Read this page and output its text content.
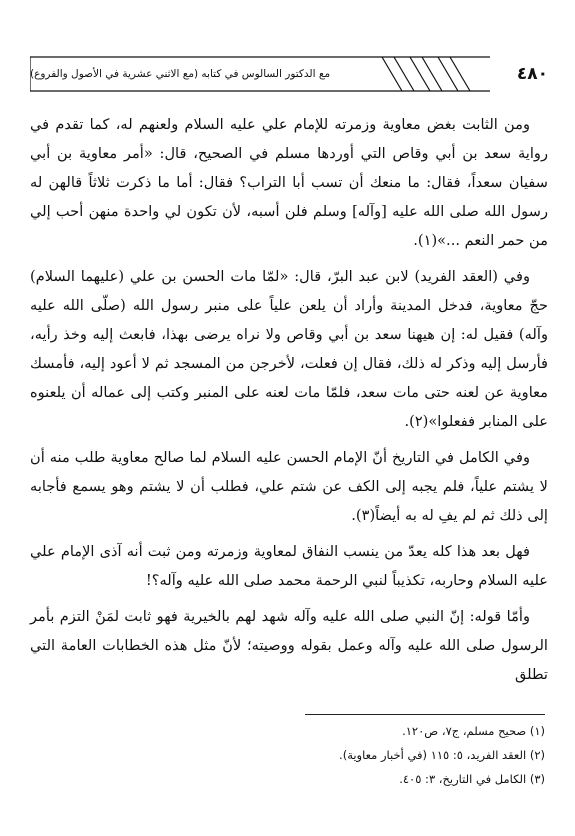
٤٨٠
مع الدكتور السالوس في كتابه (مع الاثني عشرية في الأصول والفروع)

ومن الثابت بغض معاوية وزمرته للإمام علي عليه السلام ولعنهم له، كما تقدم في رواية سعد بن أبي وقاص التي أوردها مسلم في الصحيح، قال: «أمر معاوية بن أبي سفيان سعداً، فقال: ما منعك أن تسب أبا التراب؟ فقال: أما ما ذكرت ثلاثاً قالهن له رسول الله صلى الله عليه [وآله] وسلم فلن أسبه، لأن تكون لي واحدة منهن أحب إلي من حمر النعم ...»(١).

وفي (العقد الفريد) لابن عبد البرّ، قال: «لمّا مات الحسن بن علي (عليهما السلام) حجّ معاوية، فدخل المدينة وأراد أن يلعن علياً على منبر رسول الله (صلّى الله عليه وآله) فقيل له: إن هيهنا سعد بن أبي وقاص ولا نراه يرضى بهذا، فابعث إليه وخذ رأيه، فأرسل إليه وذكر له ذلك، فقال إن فعلت، لأخرجن من المسجد ثم لا أعود إليه، فأمسك معاوية عن لعنه حتى مات سعد، فلمّا مات لعنه على المنبر وكتب إلى عماله أن يلعنوه على المنابر ففعلوا»(٢).

وفي الكامل في التاريخ أنّ الإمام الحسن عليه السلام لما صالح معاوية طلب منه أن لا يشتم علياً، فلم يجبه إلى الكف عن شتم علي، فطلب أن لا يشتم وهو يسمع فأجابه إلى ذلك ثم لم يفِ له به أيضاً(٣).

فهل بعد هذا كله يعدّ من ينسب النفاق لمعاوية وزمرته ومن ثبت أنه آذى الإمام علي عليه السلام وحاربه، تكذيباً لنبي الرحمة محمد صلى الله عليه وآله؟!

وأمّا قوله: إنّ النبي صلى الله عليه وآله شهد لهم بالخيرية فهو ثابت لمَنْ التزم بأمر الرسول صلى الله عليه وآله وعمل بقوله ووصيته؛ لأنّ مثل هذه الخطابات العامة التي تطلق

(١) صحيح مسلم، ج٧، ص١٢٠.
(٢) العقد الفريد، ٥: ١١٥ (في أخبار معاوية).
(٣) الكامل في التاريخ، ٣: ٤٠٥.
